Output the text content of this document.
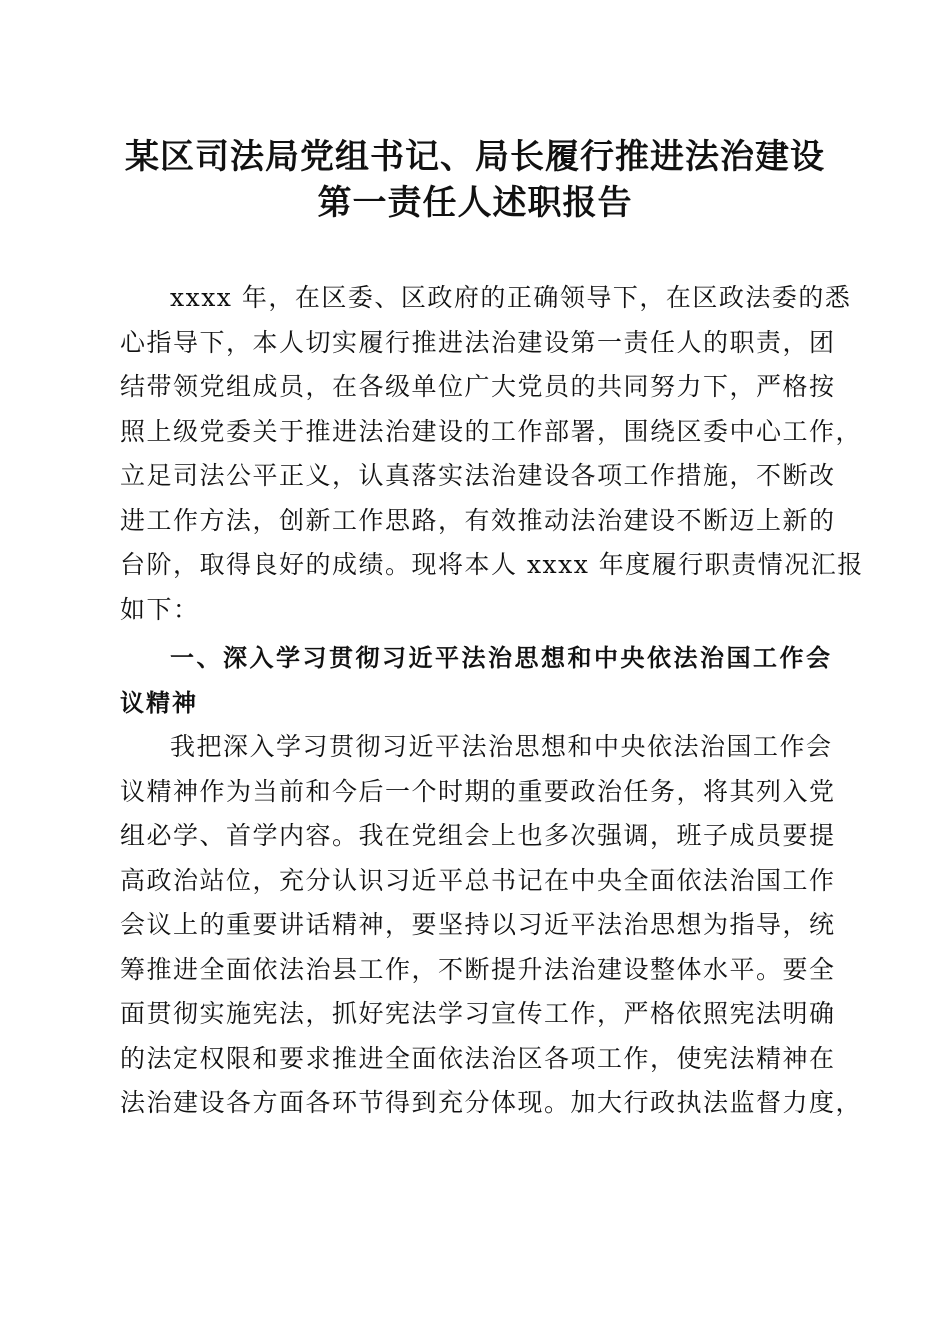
某区司法局党组书记、局长履行推进法治建设
第一责任人述职报告
xxxx 年，在区委、区政府的正确领导下，在区政法委的悉
心指导下，本人切实履行推进法治建设第一责任人的职责，团
结带领党组成员，在各级单位广大党员的共同努力下，严格按
照上级党委关于推进法治建设的工作部署，围绕区委中心工作，
立足司法公平正义，认真落实法治建设各项工作措施，不断改
进工作方法，创新工作思路，有效推动法治建设不断迈上新的
台阶，取得良好的成绩。现将本人 xxxx 年度履行职责情况汇报
如下：
一、深入学习贯彻习近平法治思想和中央依法治国工作会
议精神
我把深入学习贯彻习近平法治思想和中央依法治国工作会
议精神作为当前和今后一个时期的重要政治任务，将其列入党
组必学、首学内容。我在党组会上也多次强调，班子成员要提
高政治站位，充分认识习近平总书记在中央全面依法治国工作
会议上的重要讲话精神，要坚持以习近平法治思想为指导，统
筹推进全面依法治县工作，不断提升法治建设整体水平。要全
面贯彻实施宪法，抓好宪法学习宣传工作，严格依照宪法明确
的法定权限和要求推进全面依法治区各项工作，使宪法精神在
法治建设各方面各环节得到充分体现。加大行政执法监督力度，
